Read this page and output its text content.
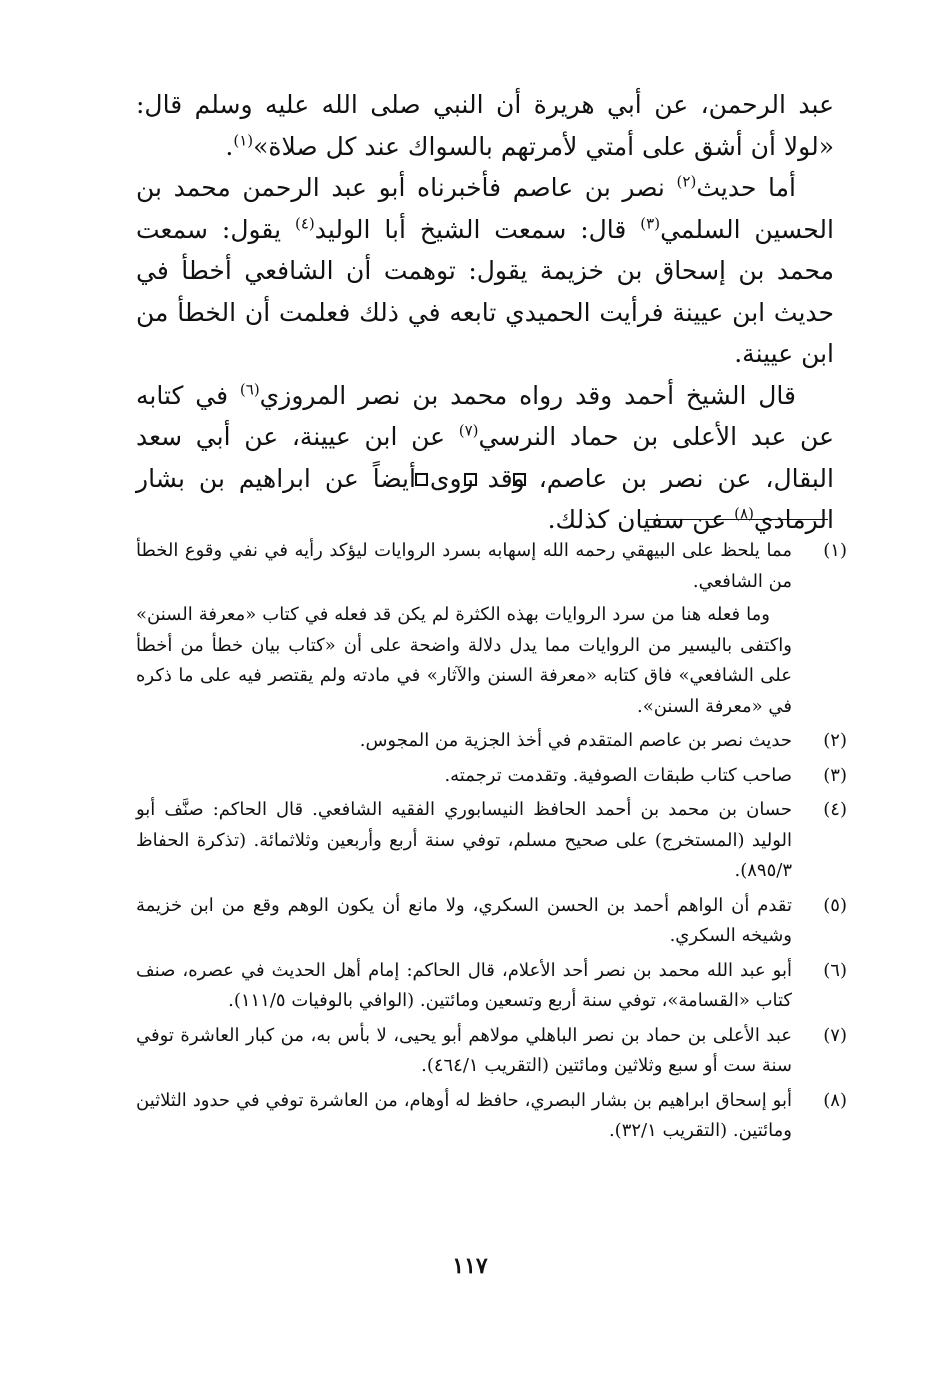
عبد الرحمن، عن أبي هريرة أن النبي صلى الله عليه وسلم قال: «لولا أن أشق على أمتي لأمرتهم بالسواك عند كل صلاة»$^{(١)}$.

أما حديث$^{(٢)}$ نصر بن عاصم فأخبرناه أبو عبد الرحمن محمد بن الحسين السلمي$^{(٣)}$ قال: سمعت الشيخ أبا الوليد$^{(٤)}$ يقول: سمعت محمد بن إسحاق بن خزيمة يقول: توهمت أن الشافعي أخطأ في حديث ابن عيينة فرأيت الحميدي تابعه في ذلك فعلمت أن الخطأ من ابن عيينة.

قال الشيخ أحمد وقد رواه محمد بن نصر المروزي$^{(٦)}$ في كتابه عن عبد الأعلى بن حماد النرسي$^{(٧)}$ عن ابن عيينة، عن أبي سعد البقال، عن نصر بن عاصم، وقد روى أيضاً عن ابراهيم بن بشار الرمادي$^{(٨)}$ عن سفيان كذلك.

(١)

مما يلحظ على البيهقي رحمه الله إسهابه بسرد الروايات ليؤكد رأيه في نفي وقوع الخطأ من الشافعي.

وما فعله هنا من سرد الروايات بهذه الكثرة لم يكن قد فعله في كتاب «معرفة السنن» واكتفى باليسير من الروايات مما يدل دلالة واضحة على أن «كتاب بيان خطأ من أخطأ على الشافعي» فاق كتابه «معرفة السنن والآثار» في مادته ولم يقتصر فيه على ما ذكره في «معرفة السنن».

(٢)

حديث نصر بن عاصم المتقدم في أخذ الجزية من المجوس.

(٣)

صاحب كتاب طبقات الصوفية. وتقدمت ترجمته.

(٤)

حسان بن محمد بن أحمد الحافظ النيسابوري الفقيه الشافعي. قال الحاكم: صنَّف أبو الوليد (المستخرج) على صحيح مسلم، توفي سنة أربع وأربعين وثلاثمائة. (تذكرة الحفاظ ٨٩٥/٣).

(٥)

تقدم أن الواهم أحمد بن الحسن السكري، ولا مانع أن يكون الوهم وقع من ابن خزيمة وشيخه السكري.

(٦)

أبو عبد الله محمد بن نصر أحد الأعلام، قال الحاكم: إمام أهل الحديث في عصره، صنف كتاب «القسامة»، توفي سنة أربع وتسعين ومائتين. (الوافي بالوفيات ١١١/٥).

(٧)

عبد الأعلى بن حماد بن نصر الباهلي مولاهم أبو يحيى، لا بأس به، من كبار العاشرة توفي سنة ست أو سبع وثلاثين ومائتين (التقريب ٤٦٤/١).

(٨)

أبو إسحاق ابراهيم بن بشار البصري، حافظ له أوهام، من العاشرة توفي في حدود الثلاثين ومائتين. (التقريب ٣٢/١).

١١٧
